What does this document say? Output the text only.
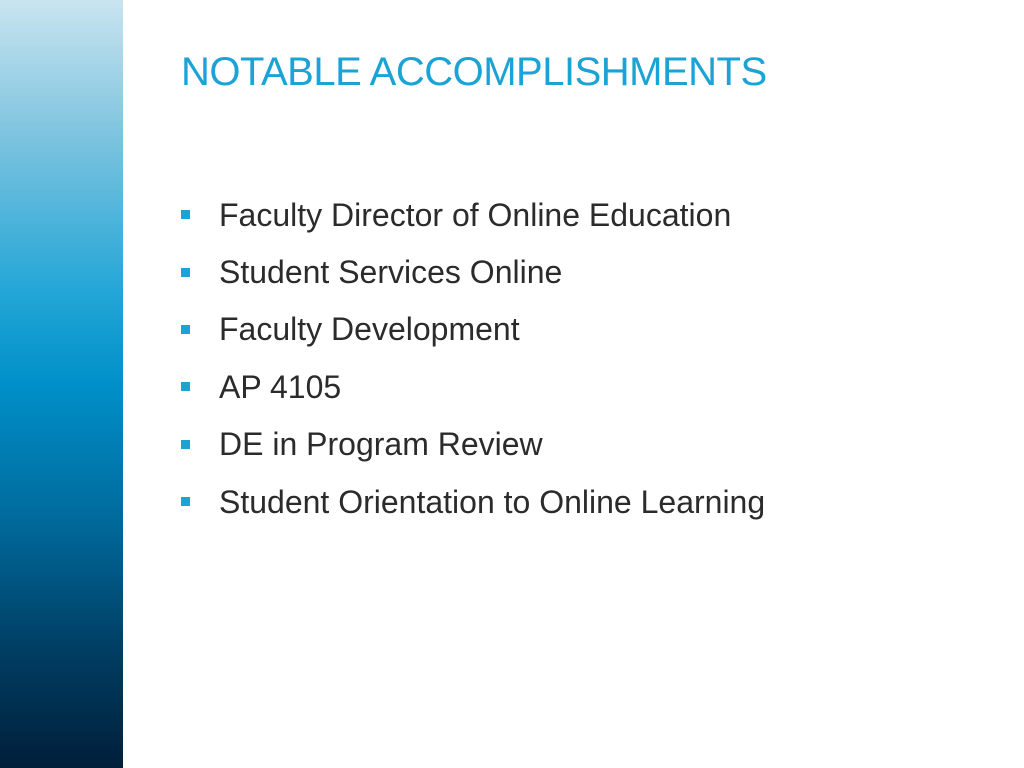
NOTABLE ACCOMPLISHMENTS
Faculty Director of Online Education
Student Services Online
Faculty Development
AP 4105
DE in Program Review
Student Orientation to Online Learning
